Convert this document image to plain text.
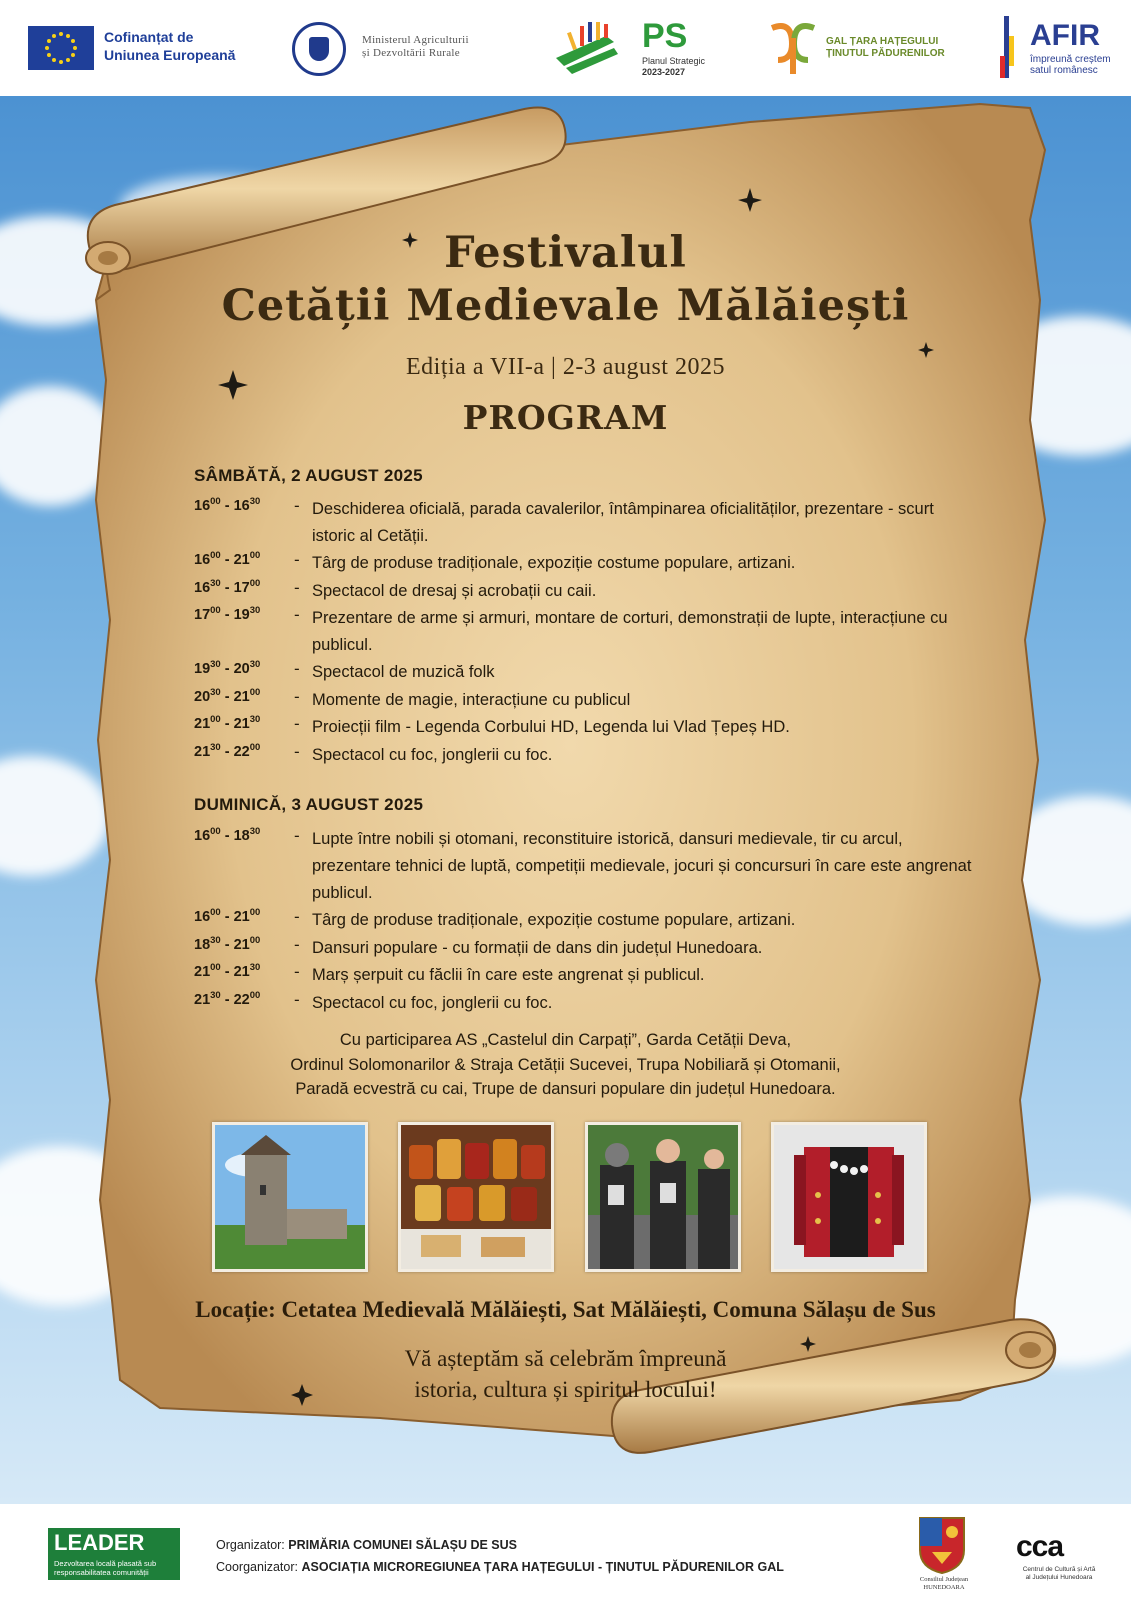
Cofinanțat de
Uniunea Europeană
Ministerul Agriculturii
și Dezvoltării Rurale	PS
Planul Strategic
2023-2027
GAL ȚARA HAȚEGULUI
ȚINUTUL PĂDURENILOR
AFIR
împreună creștem
satul românesc
Festivalul
Cetății Medievale Mălăiești
Ediția a VII-a | 2-3 august 2025
PROGRAM
SÂMBĂTĂ, 2 AUGUST 2025
$16^{00} - 16^{30}$ - Deschiderea oficială, parada cavalerilor, întâmpinarea oficialităților, prezentare - scurt istoric al Cetății.
$16^{00} - 21^{00}$ - Târg de produse tradiționale, expoziție costume populare, artizani.
$16^{30} - 17^{00}$ - Spectacol de dresaj și acrobații cu caii.
$17^{00} - 19^{30}$ - Prezentare de arme și armuri, montare de corturi, demonstrații de lupte, interacțiune cu publicul.
$19^{30} - 20^{30}$ - Spectacol de muzică folk
$20^{30} - 21^{00}$ - Momente de magie, interacțiune cu publicul
$21^{00} - 21^{30}$ - Proiecții film - Legenda Corbului HD, Legenda lui Vlad Țepeș HD.
$21^{30} - 22^{00}$ - Spectacol cu foc, jonglerii cu foc.
DUMINICĂ, 3 AUGUST 2025
$16^{00} - 18^{30}$ - Lupte între nobili și otomani, reconstituire istorică, dansuri medievale, tir cu arcul, prezentare tehnici de luptă, competiții medievale, jocuri și concursuri în care este angrenat publicul.
$16^{00} - 21^{00}$ - Târg de produse tradiționale, expoziție costume populare, artizani.
$18^{30} - 21^{00}$ - Dansuri populare - cu formații de dans din județul Hunedoara.
$21^{00} - 21^{30}$ - Marș șerpuit cu făclii în care este angrenat și publicul.
$21^{30} - 22^{00}$ - Spectacol cu foc, jonglerii cu foc.
Cu participarea AS „Castelul din Carpați”, Garda Cetății Deva,
Ordinul Solomonarilor & Straja Cetății Sucevei, Trupa Nobiliară și Otomanii,
Paradă ecvestră cu cai, Trupe de dansuri populare din județul Hunedoara.
Locație: Cetatea Medievală Mălăiești, Sat Mălăiești, Comuna Sălașu de Sus
Vă așteptăm să celebrăm împreună
istoria, cultura și spiritul locului!
LEADER
Dezvoltarea locală plasată sub
responsabilitatea comunității
Organizator: PRIMĂRIA COMUNEI SĂLAȘU DE SUS
Coorganizator: ASOCIAȚIA MICROREGIUNEA ȚARA HAȚEGULUI - ȚINUTUL PĂDURENILOR GAL
Consiliul Județean
HUNEDOARA
cca
Centrul de Cultură și Artă
al Județului Hunedoara
